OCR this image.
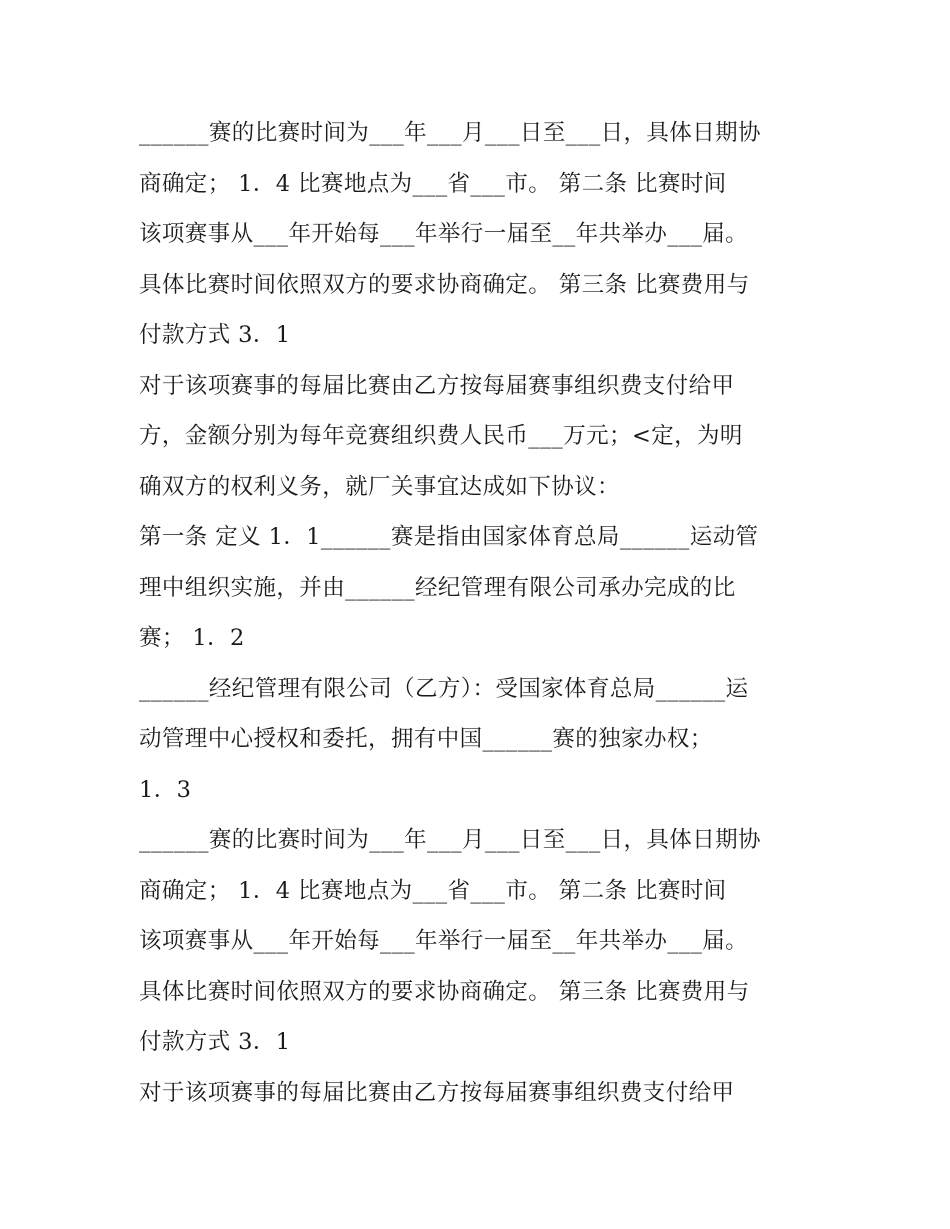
______赛的比赛时间为___年___月___日至___日，具体日期协
商确定； 1．4 比赛地点为___省___市。 第二条 比赛时间
该项赛事从___年开始每___年举行一届至__年共举办___届。
具体比赛时间依照双方的要求协商确定。 第三条 比赛费用与
付款方式 3．1
对于该项赛事的每届比赛由乙方按每届赛事组织费支付给甲
方，金额分别为每年竞赛组织费人民币___万元；<定，为明
确双方的权利义务，就厂关事宜达成如下协议：
第一条 定义 1．1______赛是指由国家体育总局______运动管
理中组织实施，并由______经纪管理有限公司承办完成的比
赛； 1．2
______经纪管理有限公司（乙方）：受国家体育总局______运
动管理中心授权和委托，拥有中国______赛的独家办权；
1．3
______赛的比赛时间为___年___月___日至___日，具体日期协
商确定； 1．4 比赛地点为___省___市。 第二条 比赛时间
该项赛事从___年开始每___年举行一届至__年共举办___届。
具体比赛时间依照双方的要求协商确定。 第三条 比赛费用与
付款方式 3．1
对于该项赛事的每届比赛由乙方按每届赛事组织费支付给甲
